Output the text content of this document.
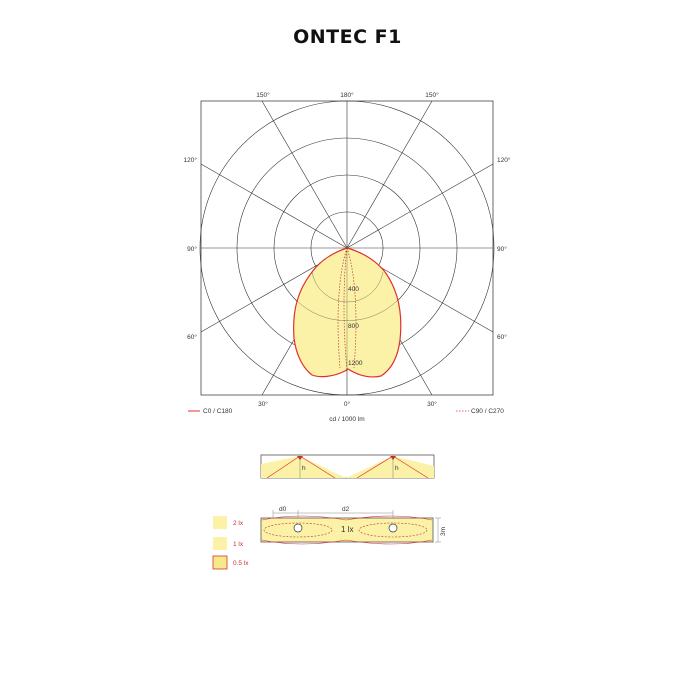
ONTEC F1
150°	180°	150°
120°	120°
90°	90°
60°	60°
30°	0°	30°
400
800
1200
cd / 1000 lm
C0 / C180	C90 / C270
h	h
d0	d2
1 lx	3m
2 lx
1 lx
0.5 lx
